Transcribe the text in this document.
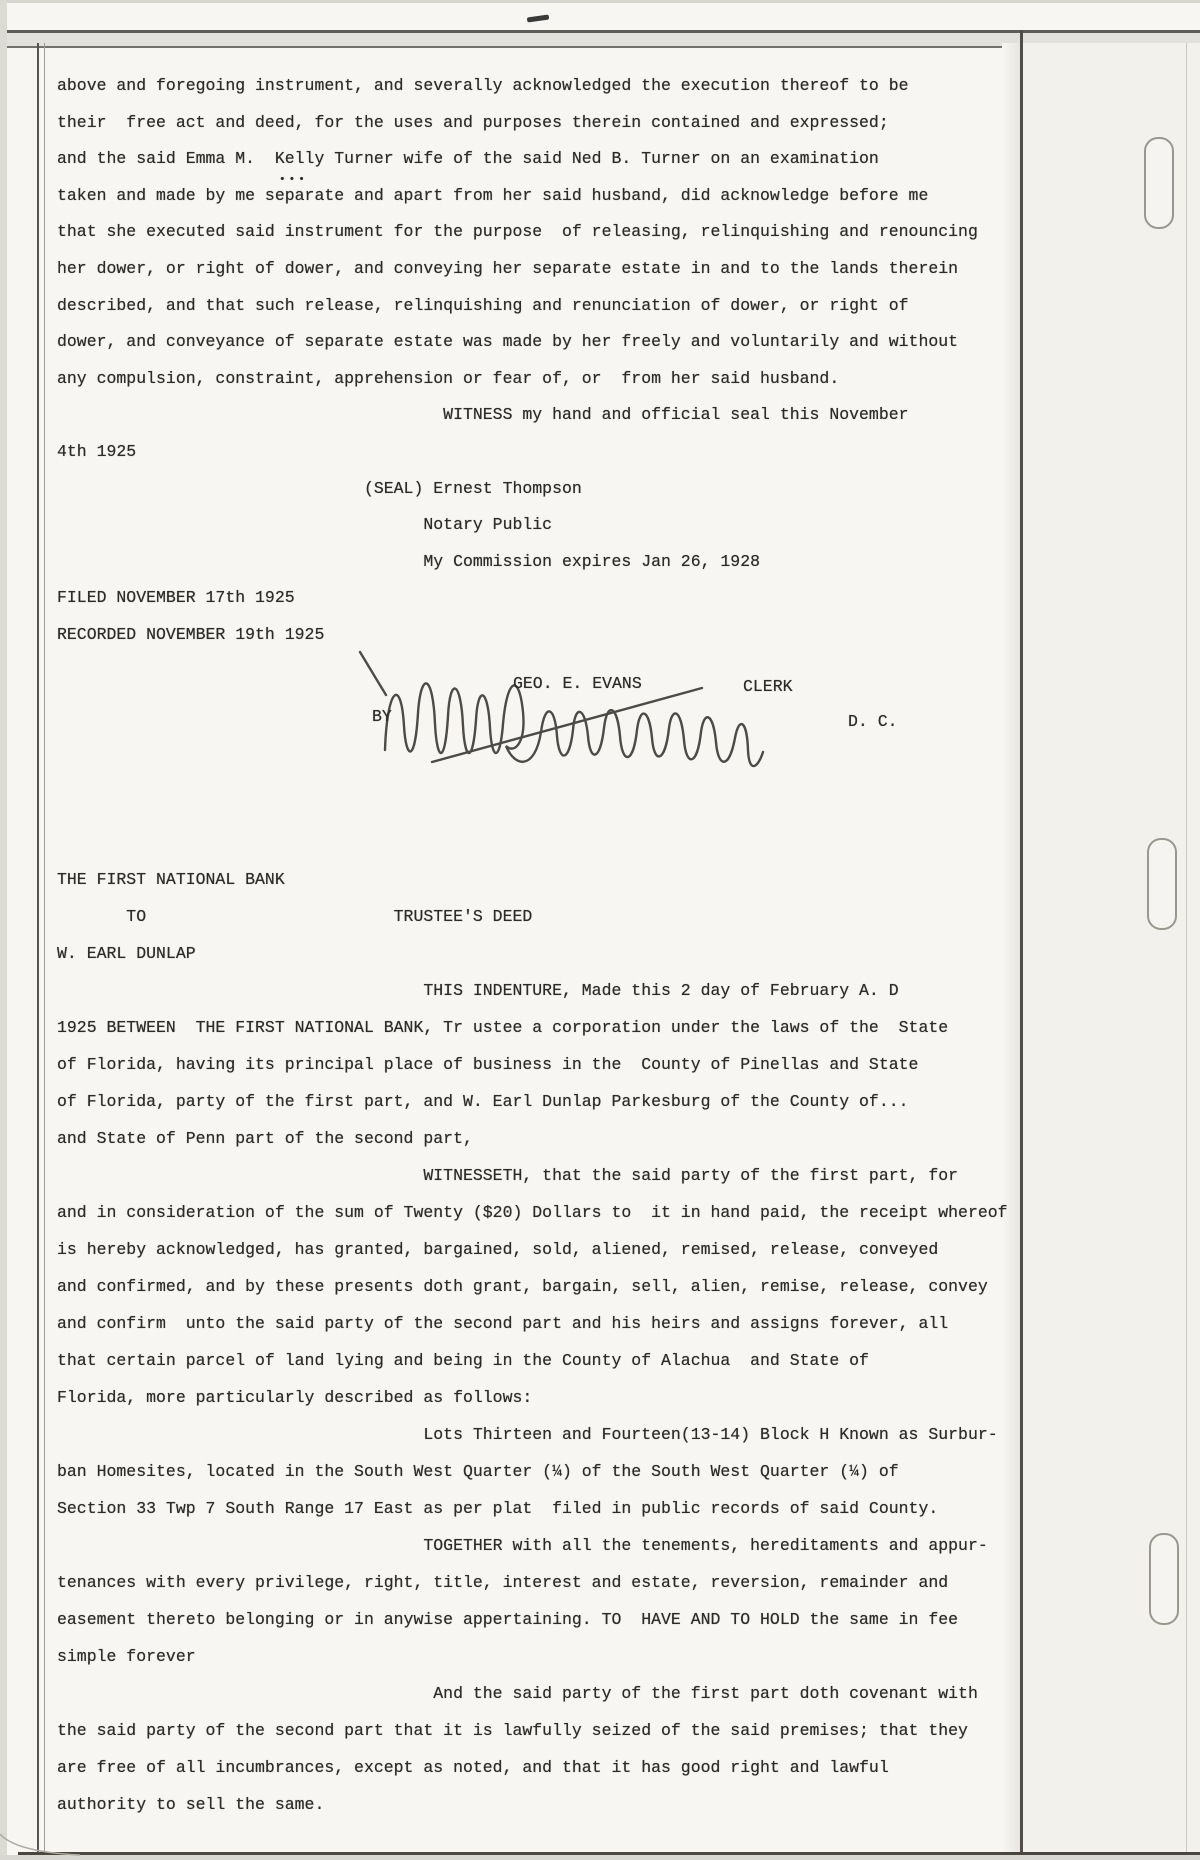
above and foregoing instrument, and severally acknowledged the execution thereof to be
their  free act and deed, for the uses and purposes therein contained and expressed;
and the said Emma M.  Kelly Turner wife of the said Ned B. Turner on an examination
taken and made by me separate and apart from her said husband, did acknowledge before me
that she executed said instrument for the purpose  of releasing, relinquishing and renouncing
her dower, or right of dower, and conveying her separate estate in and to the lands therein
described, and that such release, relinquishing and renunciation of dower, or right of
dower, and conveyance of separate estate was made by her freely and voluntarily and without
any compulsion, constraint, apprehension or fear of, or  from her said husband.
WITNESS my hand and official seal this November
4th 1925
(SEAL) Ernest Thompson
Notary Public
My Commission expires Jan 26, 1928
FILED NOVEMBER 17th 1925
RECORDED NOVEMBER 19th 1925
•••
BY
GEO. E. EVANS	CLERK
D. C.
THE FIRST NATIONAL BANK
TO                         TRUSTEE'S DEED
W. EARL DUNLAP
THIS INDENTURE, Made this 2 day of February A. D
1925 BETWEEN  THE FIRST NATIONAL BANK, Tr ustee a corporation under the laws of the  State
of Florida, having its principal place of business in the  County of Pinellas and State
of Florida, party of the first part, and W. Earl Dunlap Parkesburg of the County of...
and State of Penn part of the second part,
WITNESSETH, that the said party of the first part, for
and in consideration of the sum of Twenty ($20) Dollars to  it in hand paid, the receipt whereof
is hereby acknowledged, has granted, bargained, sold, aliened, remised, release, conveyed
and confirmed, and by these presents doth grant, bargain, sell, alien, remise, release, convey
and confirm  unto the said party of the second part and his heirs and assigns forever, all
that certain parcel of land lying and being in the County of Alachua  and State of
Florida, more particularly described as follows:
Lots Thirteen and Fourteen(13-14) Block H Known as Surbur-
ban Homesites, located in the South West Quarter (¼) of the South West Quarter (¼) of
Section 33 Twp 7 South Range 17 East as per plat  filed in public records of said County.
TOGETHER with all the tenements, hereditaments and appur-
tenances with every privilege, right, title, interest and estate, reversion, remainder and
easement thereto belonging or in anywise appertaining. TO  HAVE AND TO HOLD the same in fee
simple forever
And the said party of the first part doth covenant with
the said party of the second part that it is lawfully seized of the said premises; that they
are free of all incumbrances, except as noted, and that it has good right and lawful
authority to sell the same.
